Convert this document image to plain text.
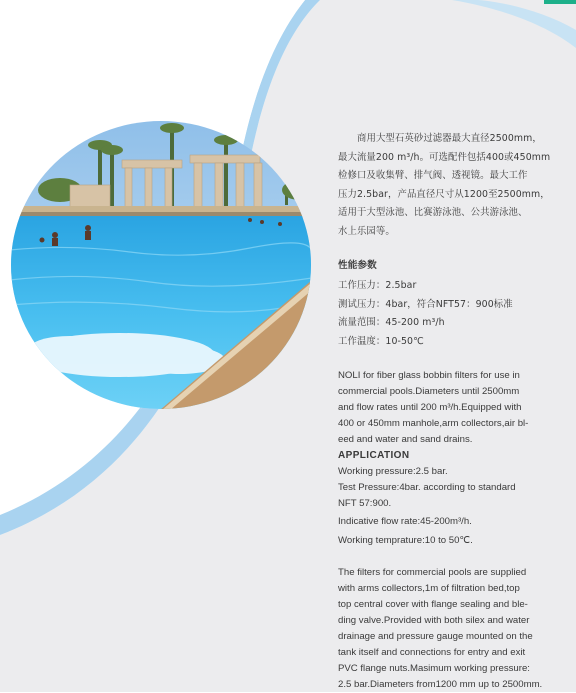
商用大型石英砂过滤器最大直径2500mm，

最大流量200 m³/h。可选配件包括400或450mm

检修口及收集臂、排气阀、透视镜。最大工作

压力2.5bar，产品直径尺寸从1200至2500mm，

适用于大型泳池、比赛游泳池、公共游泳池、

水上乐园等。

性能参数

工作压力：2.5bar

测试压力：4bar，符合NFT57：900标准

流量范围：45-200 m³/h

工作温度：10-50℃

NOLI for fiber glass bobbin filters for use in

commercial pools.Diameters until 2500mm

and flow rates until 200 m³/h.Equipped with

400 or 450mm manhole,arm collectors,air bl-

eed and water and sand drains.

APPLICATION

Working pressure:2.5 bar.

Test Pressure:4bar. according to standard

NFT 57:900.

Indicative flow rate:45-200m³/h.

Working temprature:10 to 50℃.

The filters for commercial pools are supplied

with arms collectors,1m of filtration bed,top

top central cover with flange sealing and ble-

ding valve.Provided with both silex and water

drainage and pressure gauge mounted on the

tank itself and connections for entry and exit

PVC flange nuts.Masimum working pressure:

2.5 bar.Diameters from1200 mm up to 2500mm.
